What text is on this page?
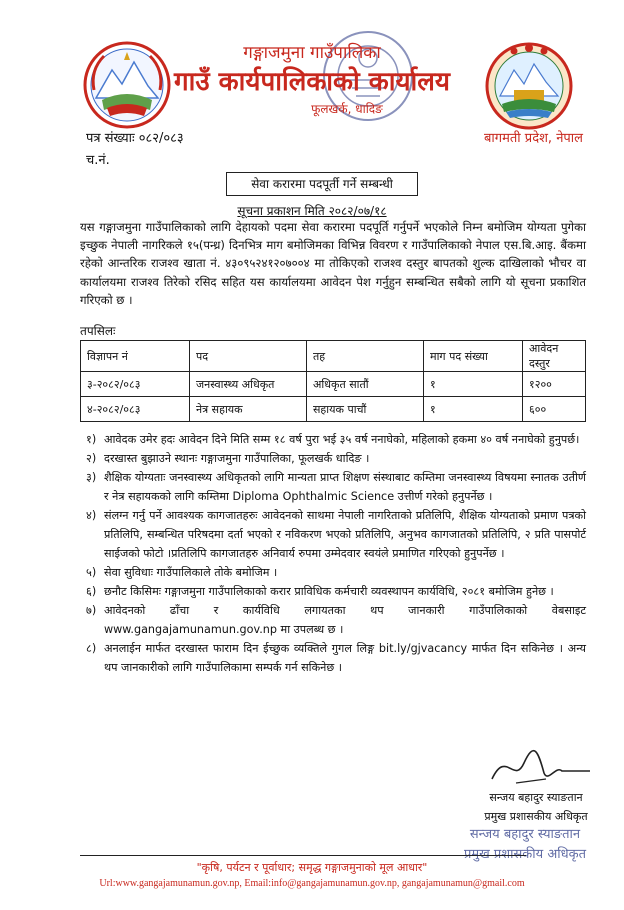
गङ्गाजमुना गाउँपालिका
गाउँ कार्यपालिकाको कार्यालय
फूलखर्क, धादिङ
बागमती प्रदेश, नेपाल
पत्र संख्याः ०८२/०८३
च.नं.
सेवा करारमा पदपूर्ती गर्ने सम्बन्धी
सूचना प्रकाशन मिति २०८२/०७/१८
यस गङ्गाजमुना गाउँपालिकाको लागि देहायको पदमा सेवा करारमा पदपूर्ति गर्नुपर्ने भएकोले निम्न बमोजिम योग्यता पुगेका इच्छुक नेपाली नागरिकले १५(पन्ध्र) दिनभित्र माग बमोजिमका विभिन्न विवरण र गाउँपालिकाको नेपाल एस.बि.आइ. बैंकमा रहेको आन्तरिक राजश्व खाता नं. ४३०९५२४१२०७००४ मा तोकिएको राजश्व दस्तुर बापतको शुल्क दाखिलाको भौचर वा कार्यालयमा राजश्व तिरेको रसिद सहित यस कार्यालयमा आवेदन पेश गर्नुहुन सम्बन्धित सबैको लागि यो सूचना प्रकाशित गरिएको छ ।
तपसिलः
विज्ञापन नं	पद	तह	माग पद संख्या	आवेदन दस्तुर
३-२०८२/०८३	जनस्वास्थ्य अधिकृत	अधिकृत सातौं	१	१२००
४-२०८२/०८३	नेत्र सहायक	सहायक पाचौं	१	६००

१) आवेदक उमेर हदः आवेदन दिने मिति सम्म १८ वर्ष पुरा भई ३५ वर्ष ननाघेको, महिलाको हकमा ४० वर्ष ननाघेको हुनुपर्छ।

२) दरखास्त बुझाउने स्थानः गङ्गाजमुना गाउँपालिका, फूलखर्क धादिङ ।

३) शैक्षिक योग्यताः जनस्वास्थ्य अधिकृतको लागि मान्यता प्राप्त शिक्षण संस्थाबाट कम्तिमा जनस्वास्थ्य विषयमा स्नातक उतीर्ण र नेत्र सहायकको लागि कम्तिमा Diploma Ophthalmic Science उत्तीर्ण गरेको हनुपर्नेछ ।

४) संलग्न गर्नु पर्ने आवश्यक कागजातहरुः आवेदनको साथमा नेपाली नागरिताको प्रतिलिपि, शैक्षिक योग्यताको प्रमाण पत्रको प्रतिलिपि, सम्बन्धित परिषदमा दर्ता भएको र नविकरण भएको प्रतिलिपि, अनुभव कागजातको प्रतिलिपि, २ प्रति पासपोर्ट साईजको फोटो ।प्रतिलिपि कागजातहरु अनिवार्य रुपमा उम्मेदवार स्वयंले प्रमाणित गरिएको हुनुपर्नेछ ।

५) सेवा सुविधाः गाउँपालिकाले तोके बमोजिम ।

६) छनौट किसिमः गङ्गाजमुना गाउँपालिकाको करार प्राविधिक कर्मचारी व्यवस्थापन कार्यविधि, २०८१ बमोजिम हुनेछ ।

७) आवेदनको ढाँचा र कार्यविधि लगायतका थप जानकारी गाउँपालिकाको वेबसाइट www.gangajamunamun.gov.np मा उपलब्ध छ ।

८) अनलाईन मार्फत दरखास्त फाराम दिन ईच्छुक व्यक्तिले गुगल लिङ्ग bit.ly/gjvacancy मार्फत दिन सकिनेछ । अन्य थप जानकारीको लागि गाउँपालिकामा सम्पर्क गर्न सकिनेछ ।

सन्जय बहादुर स्याङतान
प्रमुख प्रशासकीय अधिकृत
सन्जय बहादुर स्याङतान
प्रमुख प्रशासकीय अधिकृत
"कृषि, पर्यटन र पूर्वाधार; समृद्ध गङ्गाजमुनाको मूल आधार"
Url:www.gangajamunamun.gov.np, Email:info@gangajamunamun.gov.np, gangajamunamun@gmail.com
